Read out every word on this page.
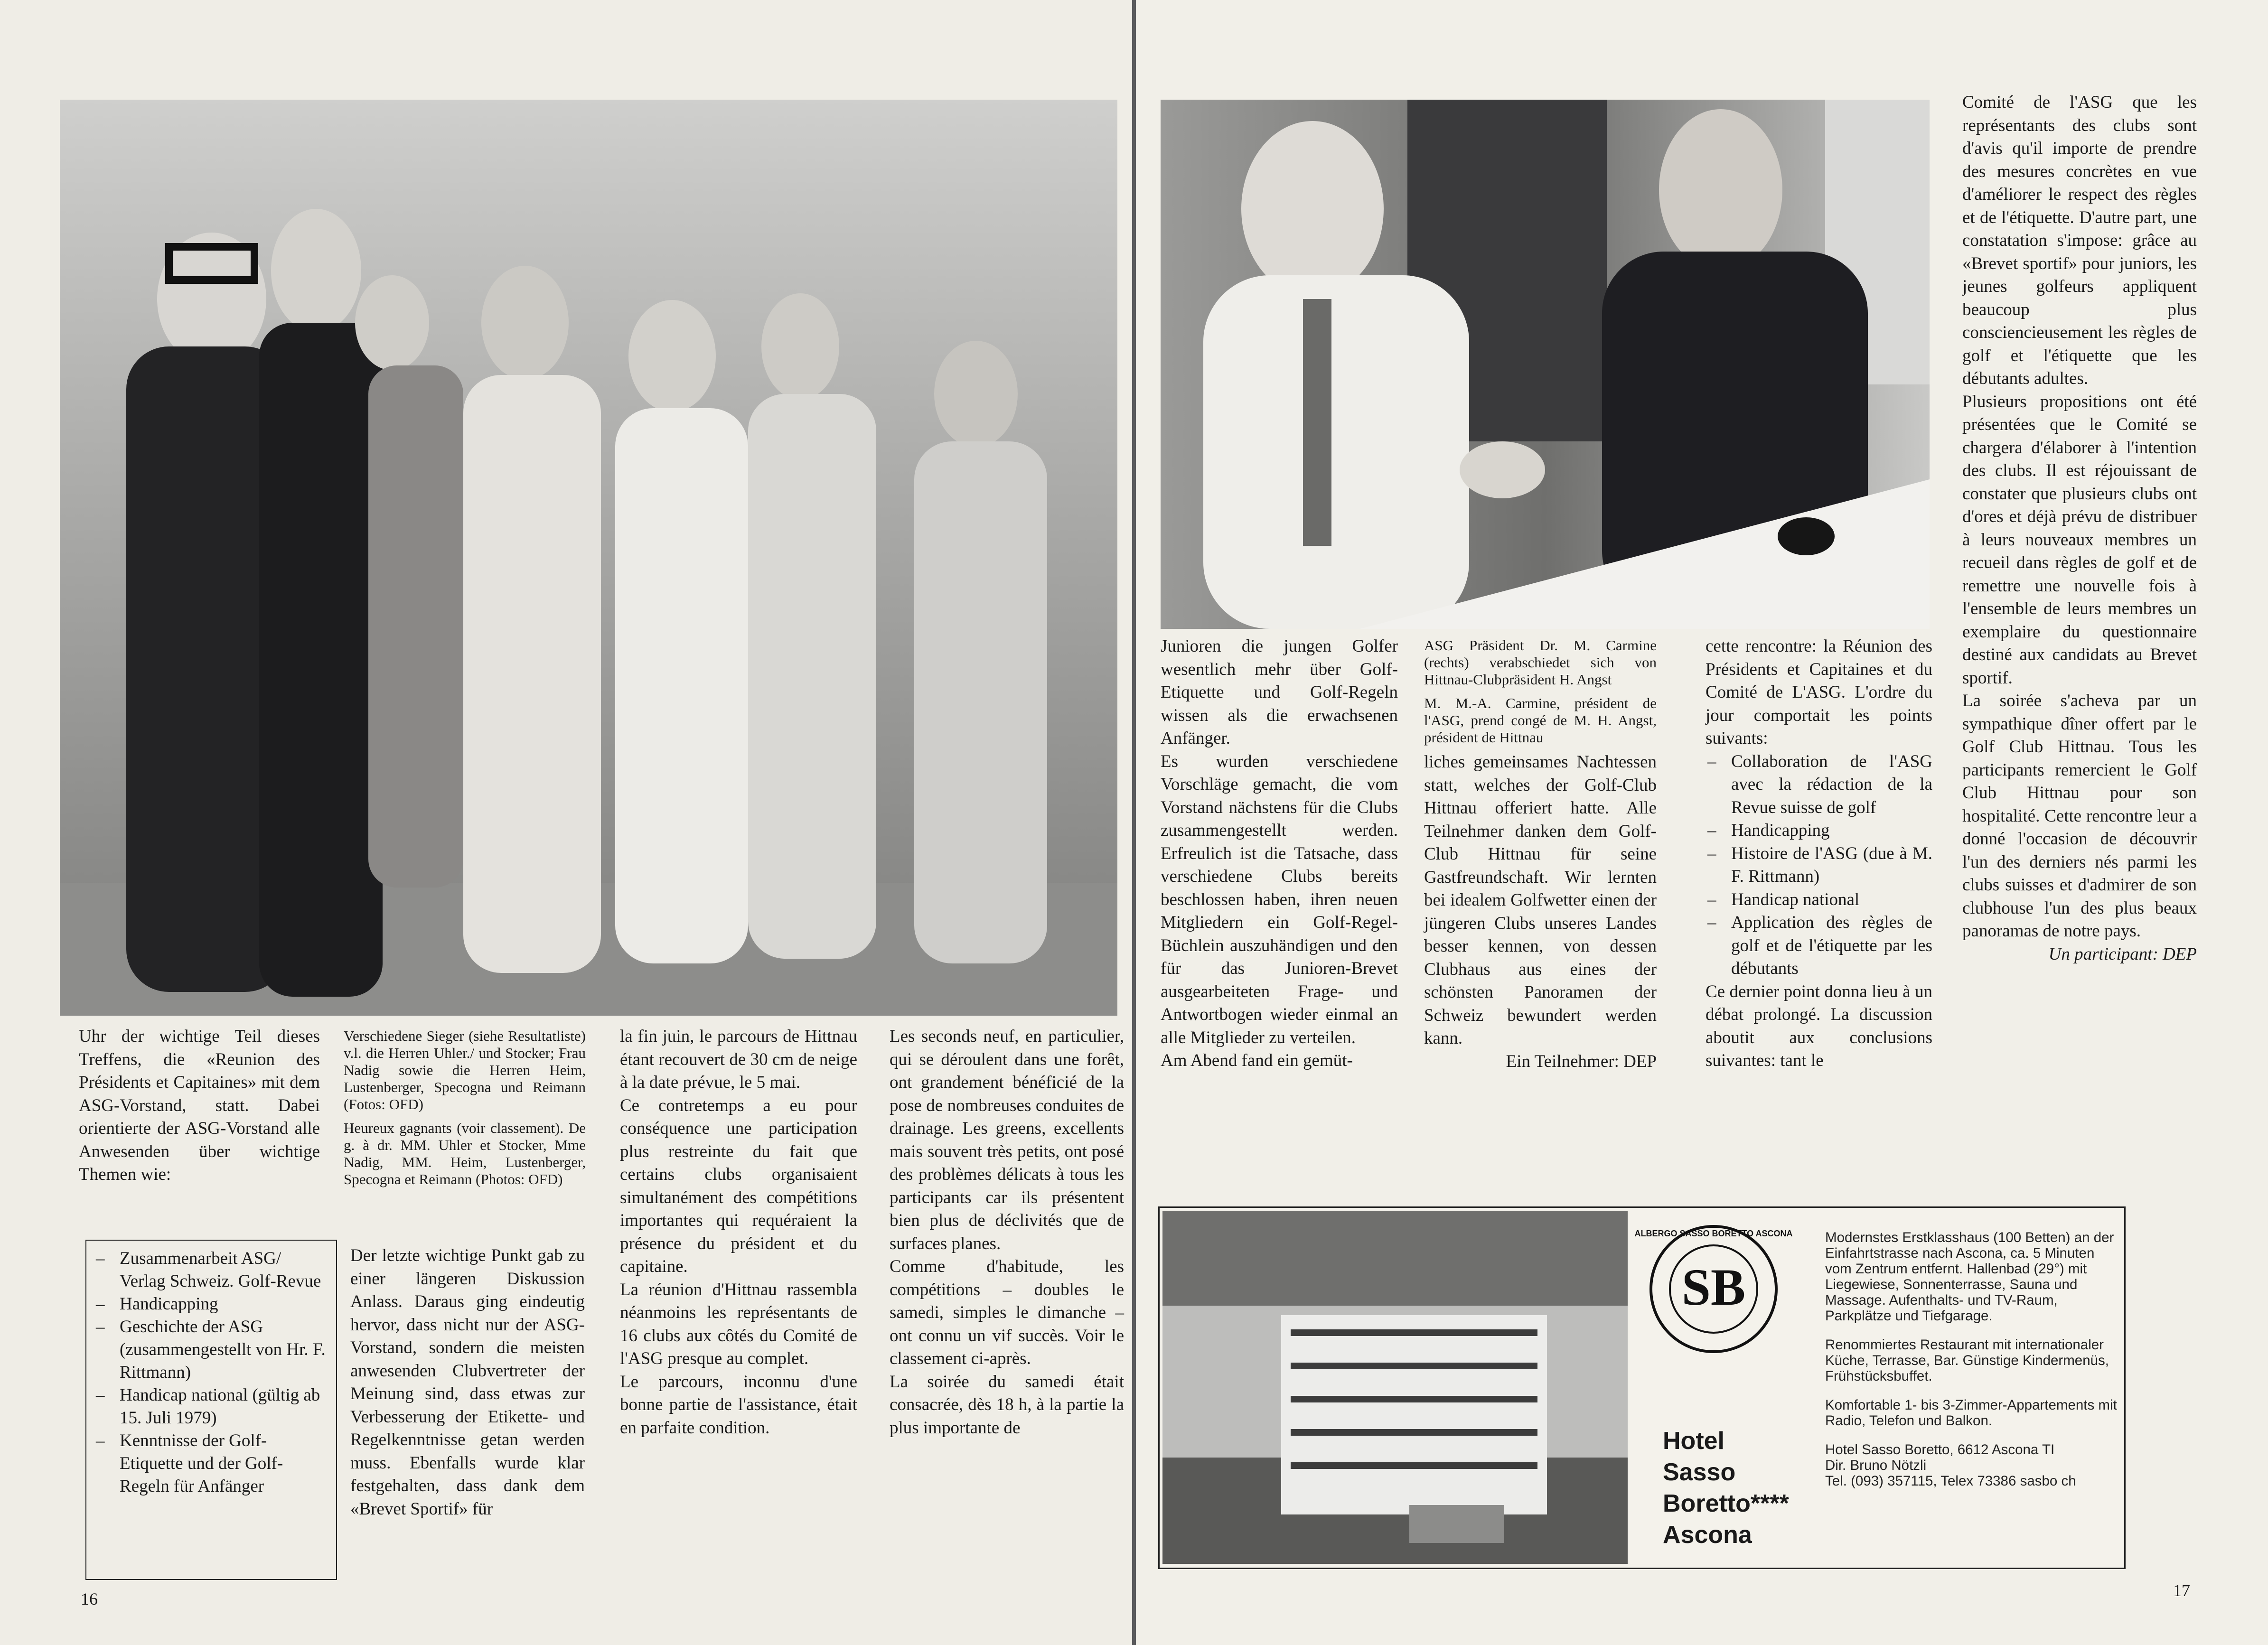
Uhr der wichtige Teil dieses Treffens, die «Reunion des Présidents et Capitaines» mit dem ASG-Vorstand, statt. Dabei orientierte der ASG-Vorstand alle Anwesenden über wichtige Themen wie:

– Zusammenarbeit ASG/ Verlag Schweiz. Golf-Revue
– Handicapping
– Geschichte der ASG (zusammengestellt von Hr. F. Rittmann)
– Handicap national (gültig ab 15. Juli 1979)
– Kenntnisse der Golf-Etiquette und der Golf-Regeln für Anfänger

Verschiedene Sieger (siehe Resultatliste) v.l. die Herren Uhler./ und Stocker; Frau Nadig sowie die Herren Heim, Lustenberger, Specogna und Reimann (Fotos: OFD)

Heureux gagnants (voir classement). De g. à dr. MM. Uhler et Stocker, Mme Nadig, MM. Heim, Lustenberger, Specogna et Reimann (Photos: OFD)

Der letzte wichtige Punkt gab zu einer längeren Diskussion Anlass. Daraus ging eindeutig hervor, dass nicht nur der ASG-Vorstand, sondern die meisten anwesenden Clubvertreter der Meinung sind, dass etwas zur Verbesserung der Etikette- und Regelkenntnisse getan werden muss. Ebenfalls wurde klar festgehalten, dass dank dem «Brevet Sportif» für

la fin juin, le parcours de Hittnau étant recouvert de 30 cm de neige à la date prévue, le 5 mai.

Ce contretemps a eu pour conséquence une participation plus restreinte du fait que certains clubs organisaient simultanément des compétitions importantes qui requéraient la présence du président et du capitaine.

La réunion d'Hittnau rassembla néanmoins les représentants de 16 clubs aux côtés du Comité de l'ASG presque au complet.

Le parcours, inconnu d'une bonne partie de l'assistance, était en parfaite condition.

Les seconds neuf, en particulier, qui se déroulent dans une forêt, ont grandement bénéficié de la pose de nombreuses conduites de drainage. Les greens, excellents mais souvent très petits, ont posé des problèmes délicats à tous les participants car ils présentent bien plus de déclivités que de surfaces planes.

Comme d'habitude, les compétitions – doubles le samedi, simples le dimanche – ont connu un vif succès. Voir le classement ci-après.

La soirée du samedi était consacrée, dès 18 h, à la partie la plus importante de

16

Comité de l'ASG que les représentants des clubs sont d'avis qu'il importe de prendre des mesures concrètes en vue d'améliorer le respect des règles et de l'étiquette. D'autre part, une constatation s'impose: grâce au «Brevet sportif» pour juniors, les jeunes golfeurs appliquent beaucoup plus consciencieusement les règles de golf et l'étiquette que les débutants adultes.

Plusieurs propositions ont été présentées que le Comité se chargera d'élaborer à l'intention des clubs. Il est réjouissant de constater que plusieurs clubs ont d'ores et déjà prévu de distribuer à leurs nouveaux membres un recueil dans règles de golf et de remettre une nouvelle fois à l'ensemble de leurs membres un exemplaire du questionnaire destiné aux candidats au Brevet sportif.

La soirée s'acheva par un sympathique dîner offert par le Golf Club Hittnau. Tous les participants remercient le Golf Club Hittnau pour son hospitalité. Cette rencontre leur a donné l'occasion de découvrir l'un des derniers nés parmi les clubs suisses et d'admirer de son clubhouse l'un des plus beaux panoramas de notre pays.

Un participant: DEP

Junioren die jungen Golfer wesentlich mehr über Golf-Etiquette und Golf-Regeln wissen als die erwachsenen Anfänger.

Es wurden verschiedene Vorschläge gemacht, die vom Vorstand nächstens für die Clubs zusammengestellt werden. Erfreulich ist die Tatsache, dass verschiedene Clubs bereits beschlossen haben, ihren neuen Mitgliedern ein Golf-Regel-Büchlein auszuhändigen und den für das Junioren-Brevet ausgearbeiteten Frage- und Antwortbogen wieder einmal an alle Mitglieder zu verteilen.

Am Abend fand ein gemüt-

ASG Präsident Dr. M. Carmine (rechts) verabschiedet sich von Hittnau-Clubpräsident H. Angst

M. M.-A. Carmine, président de l'ASG, prend congé de M. H. Angst, président de Hittnau

liches gemeinsames Nachtessen statt, welches der Golf-Club Hittnau offeriert hatte. Alle Teilnehmer danken dem Golf-Club Hittnau für seine Gastfreundschaft. Wir lernten bei idealem Golfwetter einen der jüngeren Clubs unseres Landes besser kennen, von dessen Clubhaus aus eines der schönsten Panoramen der Schweiz bewundert werden kann.

Ein Teilnehmer: DEP

cette rencontre: la Réunion des Présidents et Capitaines et du Comité de L'ASG. L'ordre du jour comportait les points suivants:

– Collaboration de l'ASG avec la rédaction de la Revue suisse de golf
– Handicapping
– Histoire de l'ASG (due à M. F. Rittmann)
– Handicap national
– Application des règles de golf et de l'étiquette par les débutants

Ce dernier point donna lieu à un débat prolongé. La discussion aboutit aux conclusions suivantes: tant le

17
SB
ALBERGO SASSO BORETTO ASCONA
Hotel
Sasso
Boretto****
Ascona

Modernstes Erstklasshaus (100 Betten) an der Einfahrtstrasse nach Ascona, ca. 5 Minuten vom Zentrum entfernt. Hallenbad (29°) mit Liegewiese, Sonnenterrasse, Sauna und Massage. Aufenthalts- und TV-Raum, Parkplätze und Tiefgarage.

Renommiertes Restaurant mit internationaler Küche, Terrasse, Bar. Günstige Kindermenüs, Frühstücksbuffet.

Komfortable 1- bis 3-Zimmer-Appartements mit Radio, Telefon und Balkon.

Hotel Sasso Boretto, 6612 Ascona TI
Dir. Bruno Nötzli
Tel. (093) 357115, Telex 73386 sasbo ch
